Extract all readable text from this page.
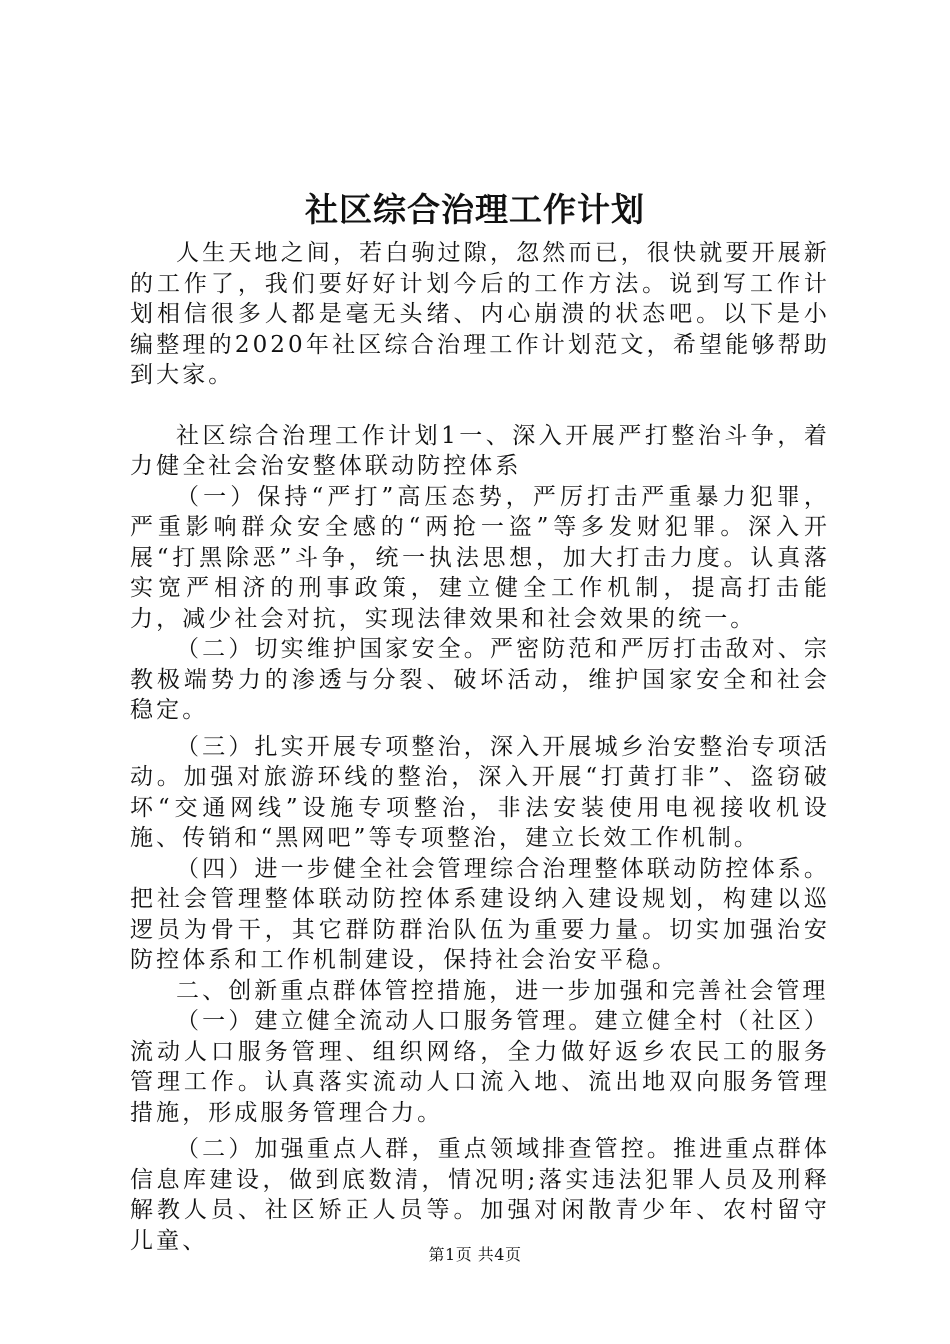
社区综合治理工作计划

人生天地之间，若白驹过隙，忽然而已，很快就要开展新的工作了，我们要好好计划今后的工作方法。说到写工作计划相信很多人都是毫无头绪、内心崩溃的状态吧。以下是小编整理的2020年社区综合治理工作计划范文，希望能够帮助到大家。

社区综合治理工作计划1一、深入开展严打整治斗争，着力健全社会治安整体联动防控体系

（一）保持“严打”高压态势，严厉打击严重暴力犯罪，严重影响群众安全感的“两抢一盗”等多发财犯罪。深入开展“打黑除恶”斗争，统一执法思想，加大打击力度。认真落实宽严相济的刑事政策，建立健全工作机制，提高打击能力，减少社会对抗，实现法律效果和社会效果的统一。

（二）切实维护国家安全。严密防范和严厉打击敌对、宗教极端势力的渗透与分裂、破坏活动，维护国家安全和社会稳定。

（三）扎实开展专项整治，深入开展城乡治安整治专项活动。加强对旅游环线的整治，深入开展“打黄打非”、盗窃破坏“交通网线”设施专项整治，非法安装使用电视接收机设施、传销和“黑网吧”等专项整治，建立长效工作机制。

（四）进一步健全社会管理综合治理整体联动防控体系。把社会管理整体联动防控体系建设纳入建设规划，构建以巡逻员为骨干，其它群防群治队伍为重要力量。切实加强治安防控体系和工作机制建设，保持社会治安平稳。

二、创新重点群体管控措施，进一步加强和完善社会管理

（一）建立健全流动人口服务管理。建立健全村（社区）流动人口服务管理、组织网络，全力做好返乡农民工的服务管理工作。认真落实流动人口流入地、流出地双向服务管理措施，形成服务管理合力。

（二）加强重点人群，重点领域排查管控。推进重点群体信息库建设，做到底数清，情况明;落实违法犯罪人员及刑释解教人员、社区矫正人员等。加强对闲散青少年、农村留守儿童、

第1页 共4页
